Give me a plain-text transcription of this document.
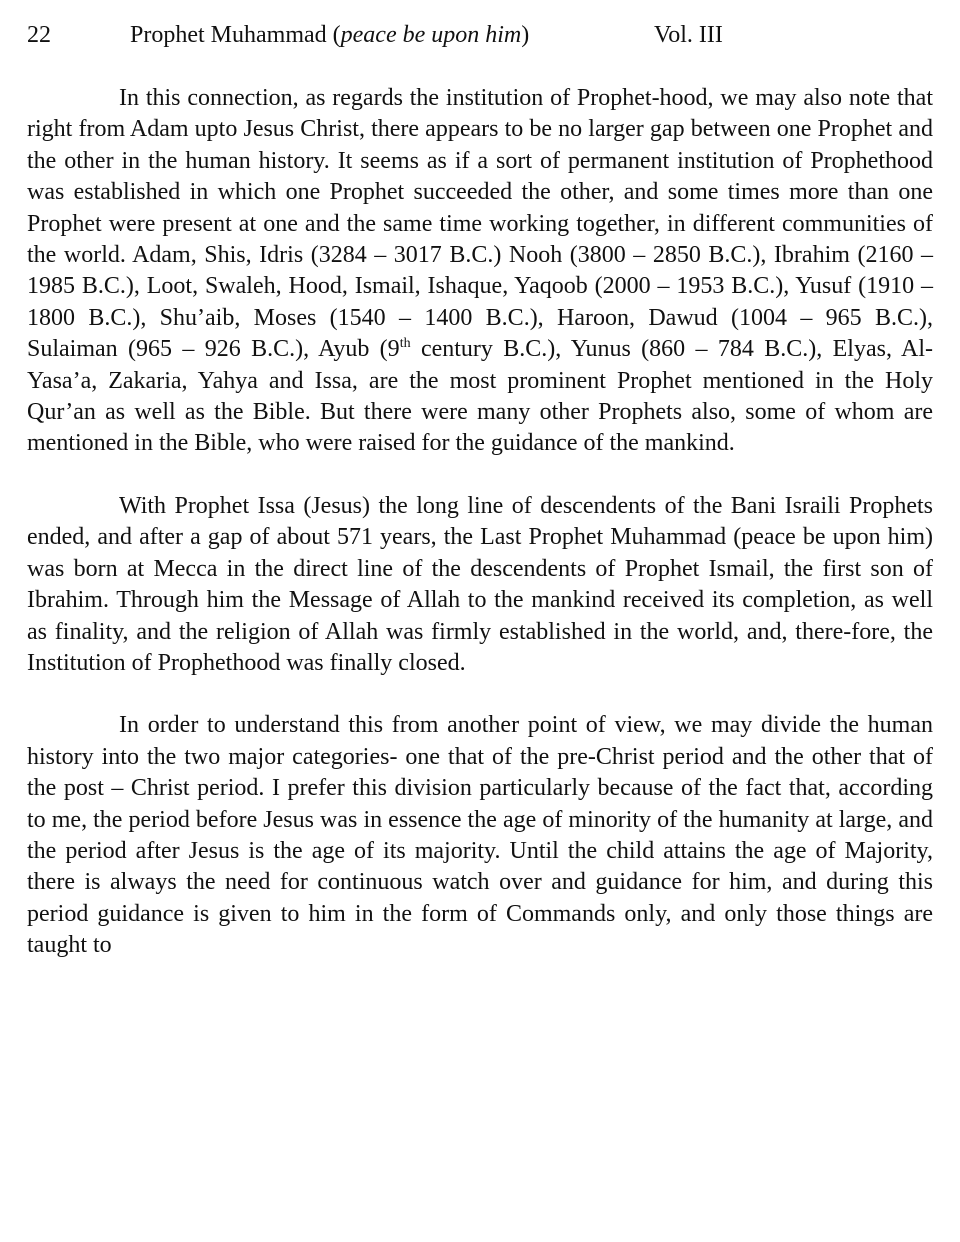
22	Prophet Muhammad (peace be upon him)	Vol. III

In this connection, as regards the institution of Prophet-hood, we may also note that right from Adam upto Jesus Christ, there appears to be no larger gap between one Prophet and the other in the human history. It seems as if a sort of permanent institution of Prophethood was established in which one Prophet succeeded the other, and some times more than one Prophet were present at one and the same time working together, in different communities of the world. Adam, Shis, Idris (3284 – 3017 B.C.) Nooh (3800 – 2850 B.C.), Ibrahim (2160 – 1985 B.C.), Loot, Swaleh, Hood, Ismail, Ishaque, Yaqoob (2000 – 1953 B.C.), Yusuf (1910 – 1800 B.C.), Shu’aib, Moses (1540 – 1400 B.C.), Haroon, Dawud (1004 – 965 B.C.), Sulaiman (965 – 926 B.C.), Ayub (9th century B.C.), Yunus (860 – 784 B.C.), Elyas, Al-Yasa’a, Zakaria, Yahya and Issa, are the most prominent Prophet mentioned in the Holy Qur’an as well as the Bible. But there were many other Prophets also, some of whom are mentioned in the Bible, who were raised for the guidance of the mankind.

With Prophet Issa (Jesus) the long line of descendents of the Bani Israili Prophets ended, and after a gap of about 571 years, the Last Prophet Muhammad (peace be upon him) was born at Mecca in the direct line of the descendents of Prophet Ismail, the first son of Ibrahim. Through him the Message of Allah to the mankind received its completion, as well as finality, and the religion of Allah was firmly established in the world, and, there-fore, the Institution of Prophethood was finally closed.

In order to understand this from another point of view, we may divide the human history into the two major categories- one that of the pre-Christ period and the other that of the post – Christ period. I prefer this division particularly because of the fact that, according to me, the period before Jesus was in essence the age of minority of the humanity at large, and the period after Jesus is the age of its majority. Until the child attains the age of Majority, there is always the need for continuous watch over and guidance for him, and during this period guidance is given to him in the form of Commands only, and only those things are taught to
